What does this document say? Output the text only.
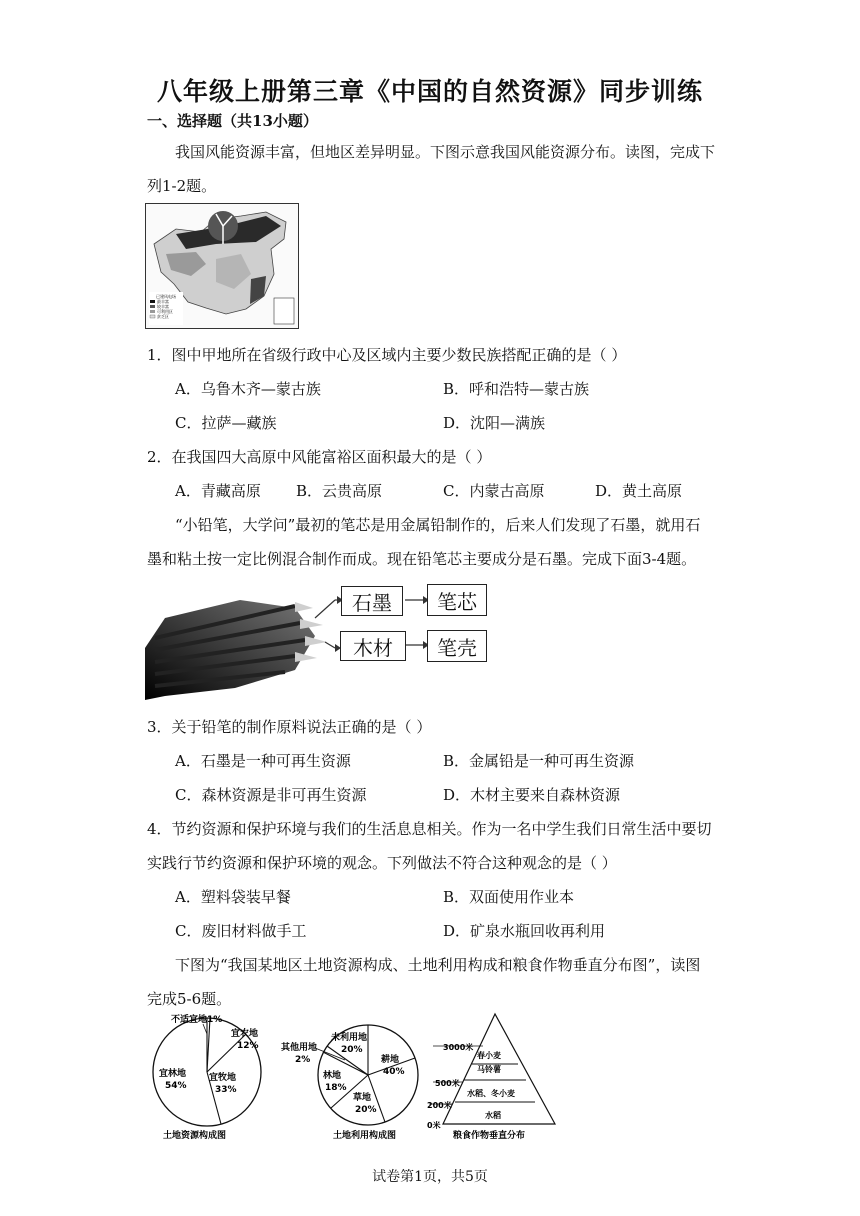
八年级上册第三章《中国的自然资源》同步训练
一、选择题（共13小题）
我国风能资源丰富，但地区差异明显。下图示意我国风能资源分布。读图，完成下
列1-2题。
已建风电场
最丰富
较丰富
可利用区
贫乏区
1．图中甲地所在省级行政中心及区域内主要少数民族搭配正确的是（ ）
A．乌鲁木齐—蒙古族	B．呼和浩特—蒙古族
C．拉萨—藏族	D．沈阳—满族
2．在我国四大高原中风能富裕区面积最大的是（ ）
A．青藏高原 B．云贵高原	C．内蒙古高原	D．黄土高原
“小铅笔，大学问”最初的笔芯是用金属铅制作的，后来人们发现了石墨，就用石
墨和粘土按一定比例混合制作而成。现在铅笔芯主要成分是石墨。完成下面3-4题。
石墨	笔芯
木材	笔壳
3．关于铅笔的制作原料说法正确的是（ ）
A．石墨是一种可再生资源	B．金属铅是一种可再生资源
C．森林资源是非可再生资源	D．木材主要来自森林资源
4．节约资源和保护环境与我们的生活息息相关。作为一名中学生我们日常生活中要切
实践行节约资源和保护环境的观念。下列做法不符合这种观念的是（ ）
A．塑料袋装早餐	B．双面使用作业本
C．废旧材料做手工	D．矿泉水瓶回收再利用
下图为“我国某地区土地资源构成、土地利用构成和粮食作物垂直分布图”，读图
完成5-6题。
不适宜地1%
宜农地
12%
宜牧地
33%
宜林地
54%
土地资源构成图
其他用地
2%
未利用地
20%
耕地
40%
林地
18%
草地
20%
土地利用构成图
3000米
500米
200米
0米
春小麦
马铃薯
水稻、冬小麦
水稻
粮食作物垂直分布
试卷第1页，共5页
